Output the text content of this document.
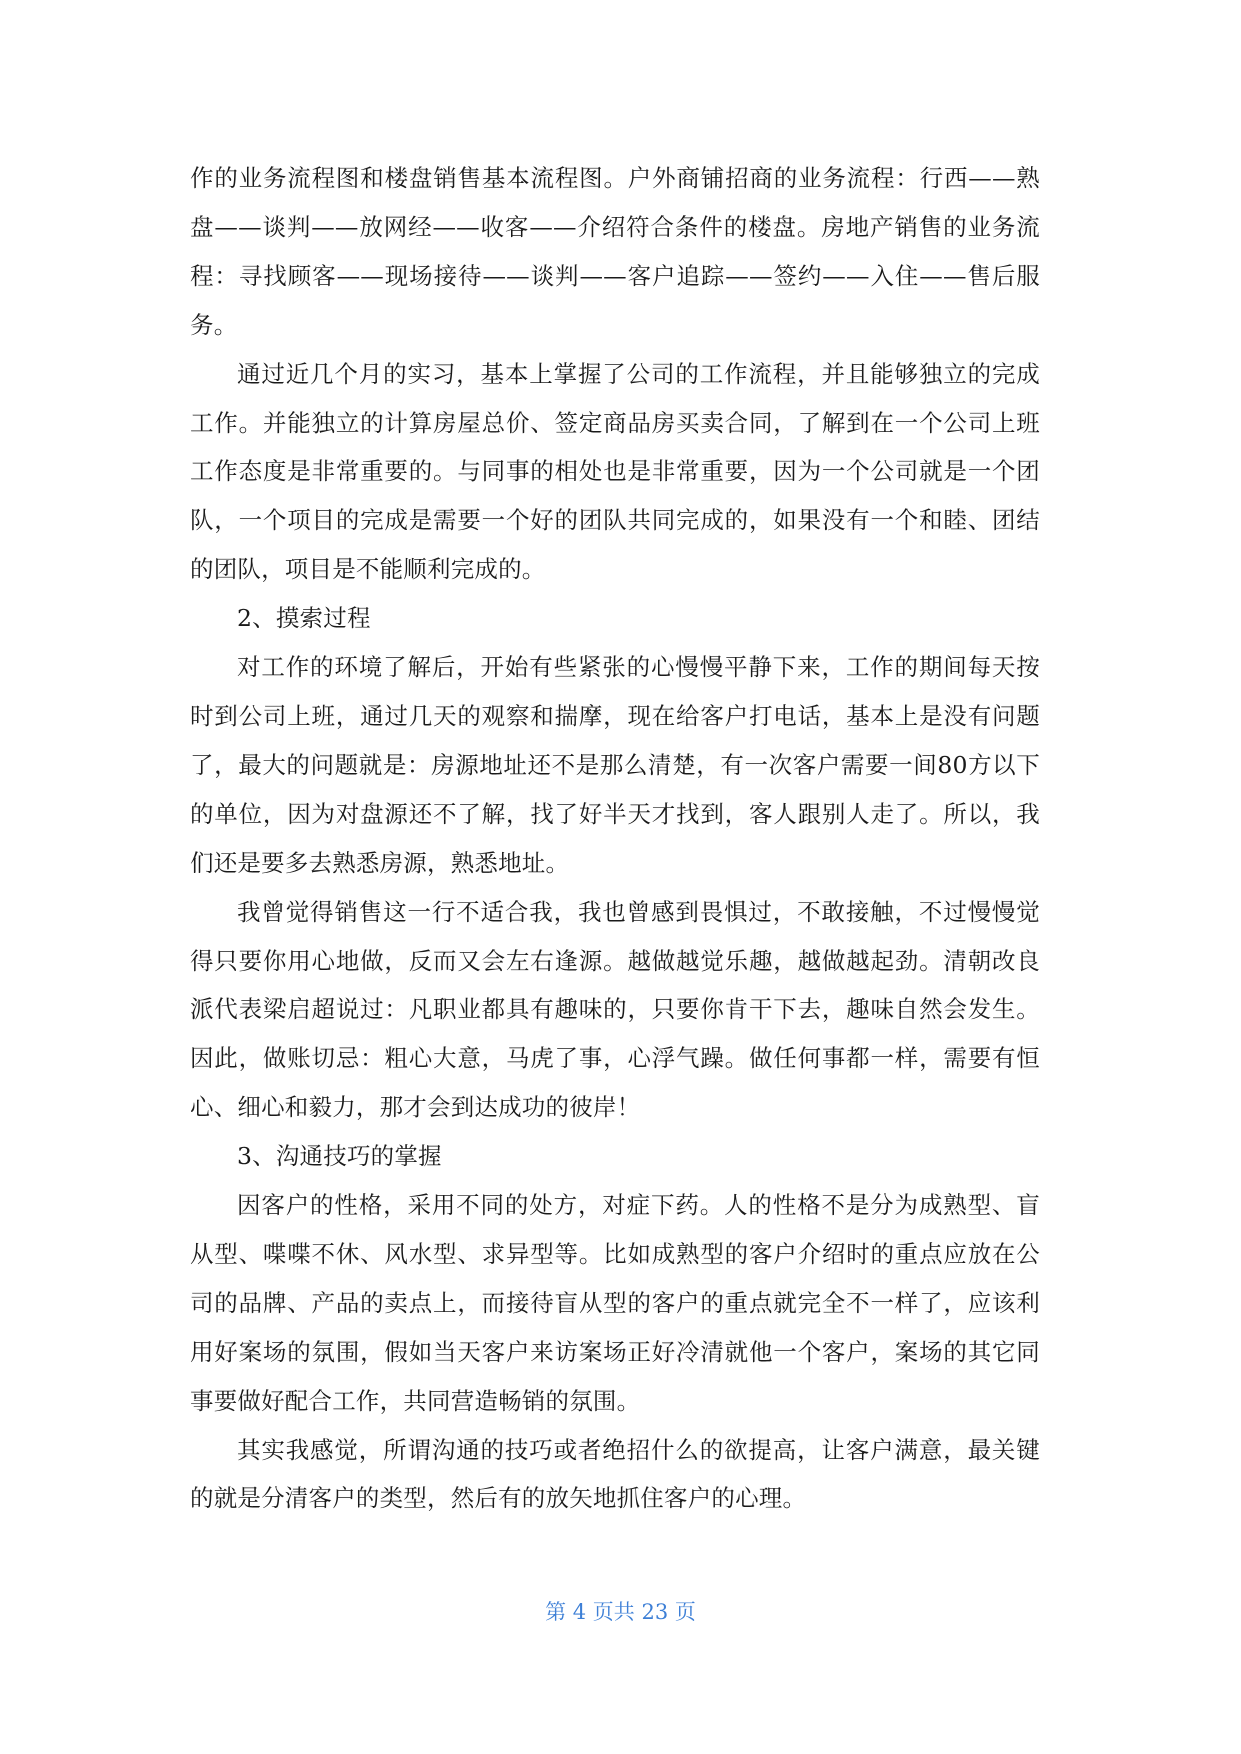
作的业务流程图和楼盘销售基本流程图。户外商铺招商的业务流程：行西——熟盘——谈判——放网经——收客——介绍符合条件的楼盘。房地产销售的业务流程：寻找顾客——现场接待——谈判——客户追踪——签约——入住——售后服务。

通过近几个月的实习，基本上掌握了公司的工作流程，并且能够独立的完成工作。并能独立的计算房屋总价、签定商品房买卖合同，了解到在一个公司上班工作态度是非常重要的。与同事的相处也是非常重要，因为一个公司就是一个团队，一个项目的完成是需要一个好的团队共同完成的，如果没有一个和睦、团结的团队，项目是不能顺利完成的。

2、摸索过程

对工作的环境了解后，开始有些紧张的心慢慢平静下来，工作的期间每天按时到公司上班，通过几天的观察和揣摩，现在给客户打电话，基本上是没有问题了，最大的问题就是：房源地址还不是那么清楚，有一次客户需要一间80方以下的单位，因为对盘源还不了解，找了好半天才找到，客人跟别人走了。所以，我们还是要多去熟悉房源，熟悉地址。

我曾觉得销售这一行不适合我，我也曾感到畏惧过，不敢接触，不过慢慢觉得只要你用心地做，反而又会左右逢源。越做越觉乐趣，越做越起劲。清朝改良派代表梁启超说过：凡职业都具有趣味的，只要你肯干下去，趣味自然会发生。因此，做账切忌：粗心大意，马虎了事，心浮气躁。做任何事都一样，需要有恒心、细心和毅力，那才会到达成功的彼岸！

3、沟通技巧的掌握

因客户的性格，采用不同的处方，对症下药。人的性格不是分为成熟型、盲从型、喋喋不休、风水型、求异型等。比如成熟型的客户介绍时的重点应放在公司的品牌、产品的卖点上，而接待盲从型的客户的重点就完全不一样了，应该利用好案场的氛围，假如当天客户来访案场正好冷清就他一个客户，案场的其它同事要做好配合工作，共同营造畅销的氛围。

其实我感觉，所谓沟通的技巧或者绝招什么的欲提高，让客户满意，最关键的就是分清客户的类型，然后有的放矢地抓住客户的心理。

第 4 页共 23 页
